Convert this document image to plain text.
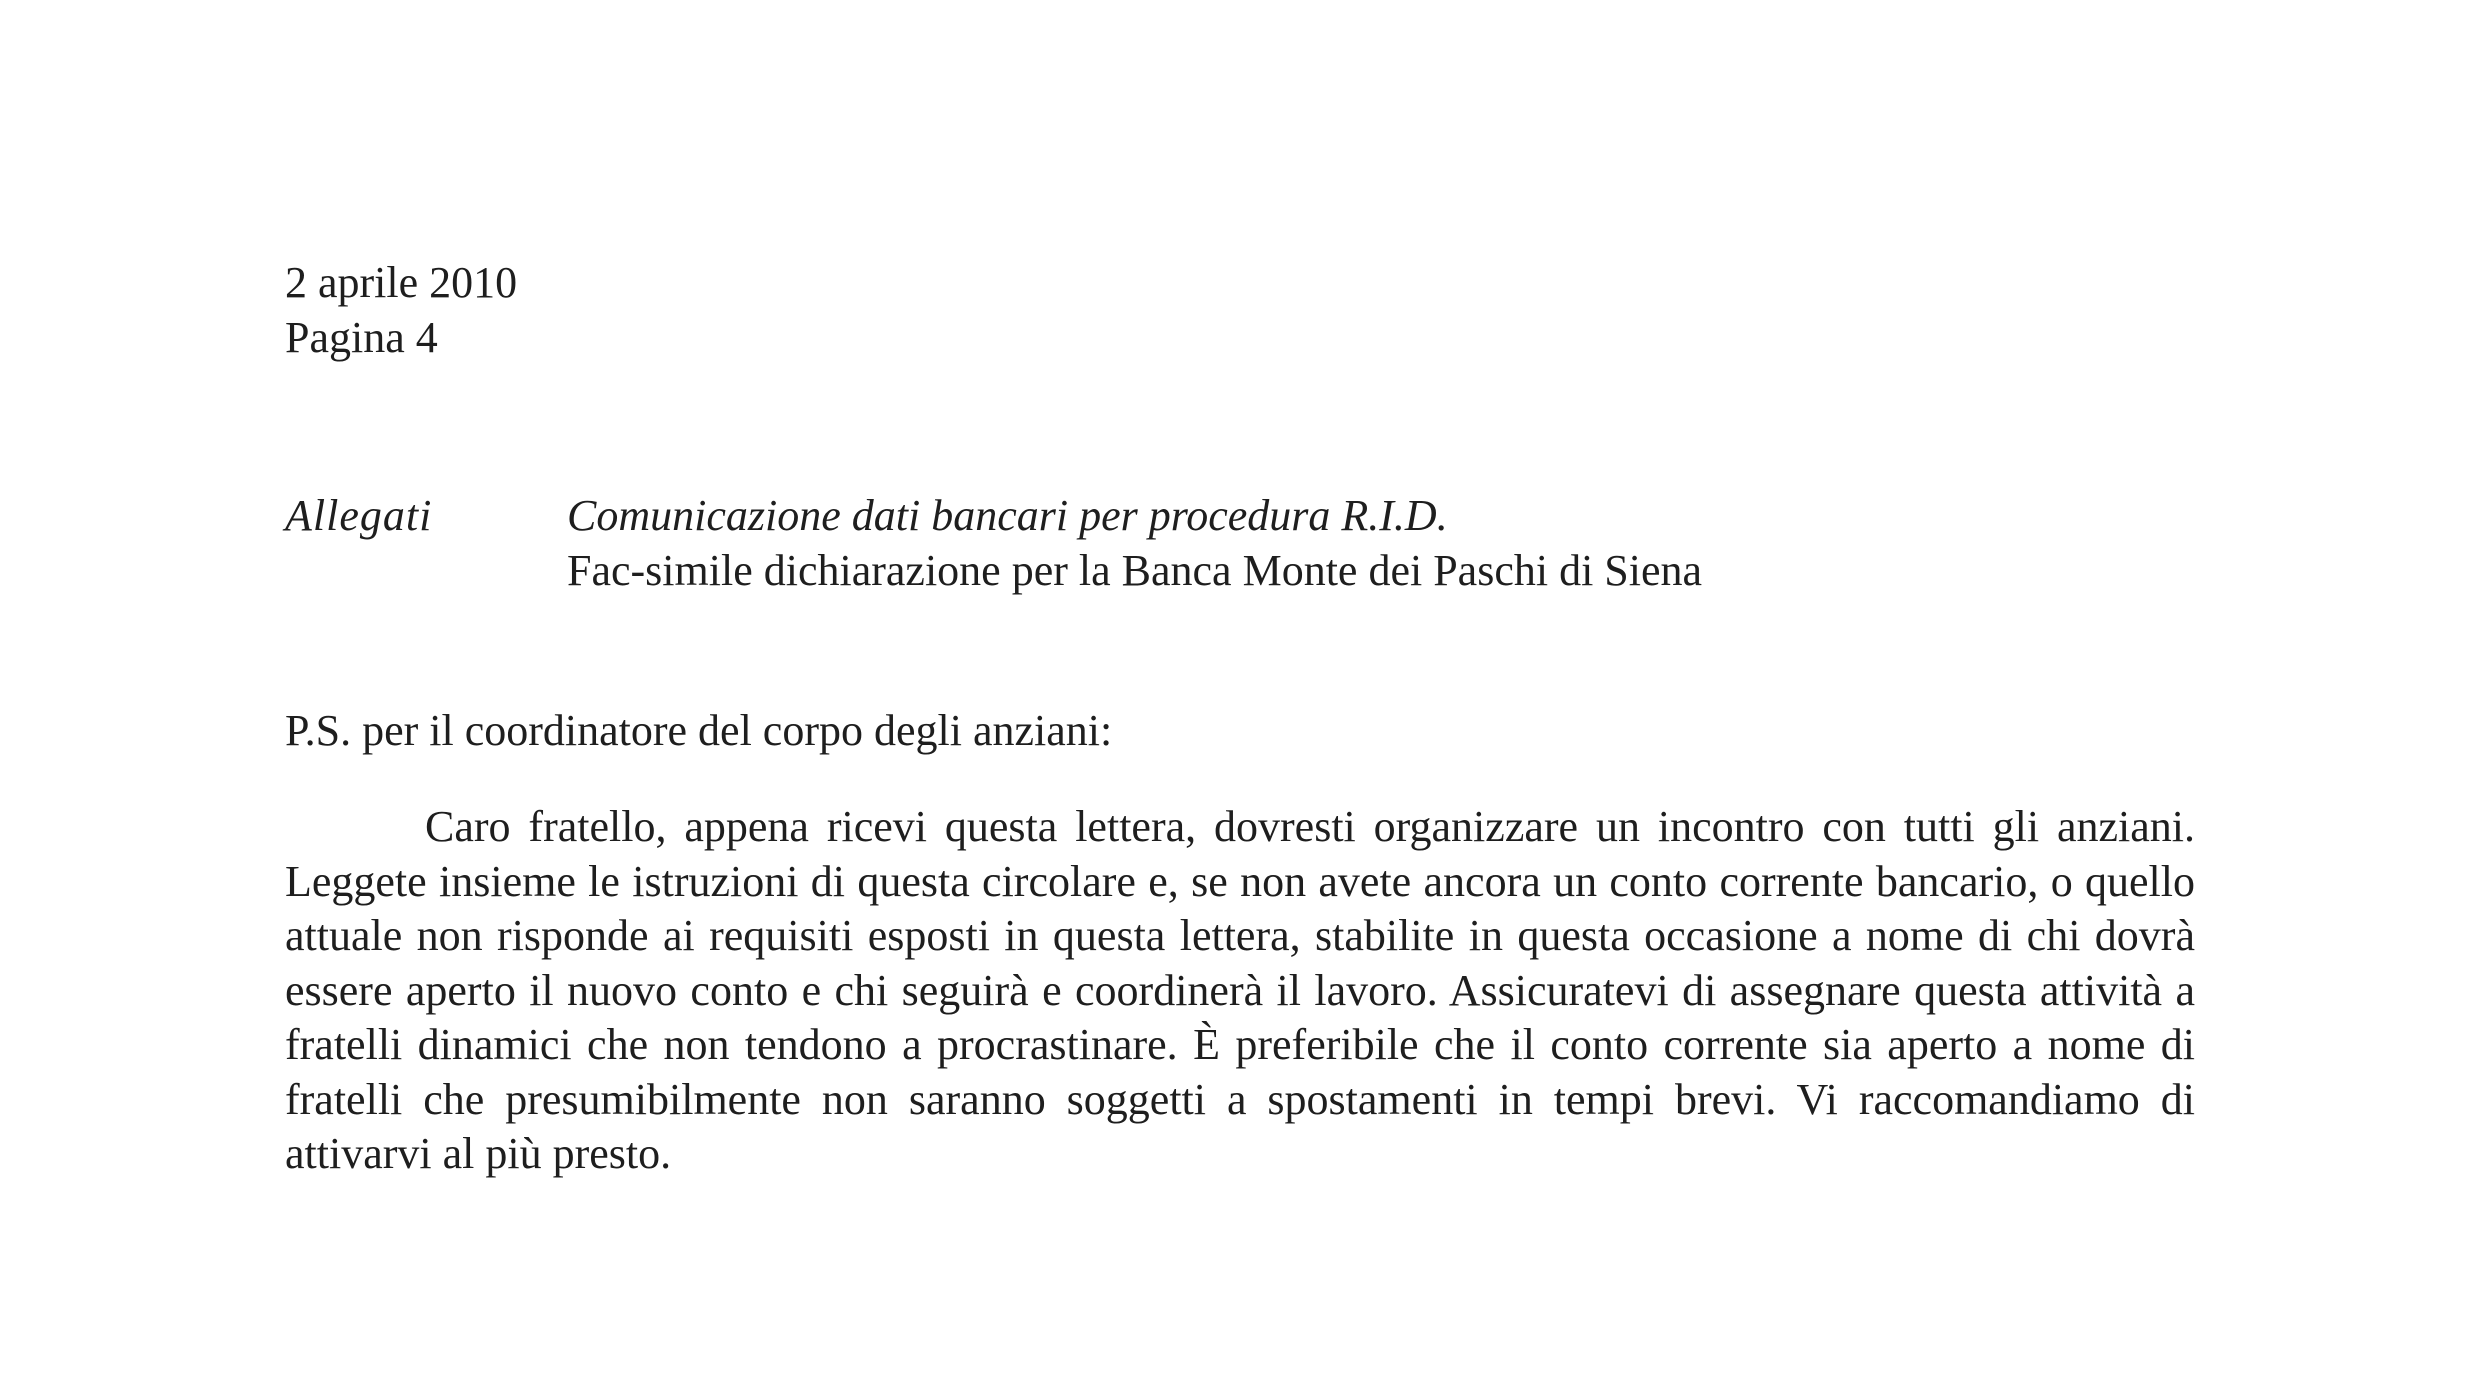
2 aprile 2010
Pagina 4
Allegati	Comunicazione dati bancari per procedura R.I.D.
Fac-simile dichiarazione per la Banca Monte dei Paschi di Siena
P.S. per il coordinatore del corpo degli anziani:

Caro fratello, appena ricevi questa lettera, dovresti organizzare un incontro con tutti gli anziani. Leggete insieme le istruzioni di questa circolare e, se non avete ancora un conto corrente bancario, o quello attuale non risponde ai requisiti esposti in questa lettera, stabilite in questa occasione a nome di chi dovrà essere aperto il nuovo conto e chi seguirà e coordinerà il lavoro. Assicuratevi di assegnare questa attività a fratelli dinamici che non tendono a procrastinare. È preferibile che il conto corrente sia aperto a nome di fratelli che presumibilmente non saranno soggetti a spostamenti in tempi brevi. Vi raccomandiamo di attivarvi al più presto.
